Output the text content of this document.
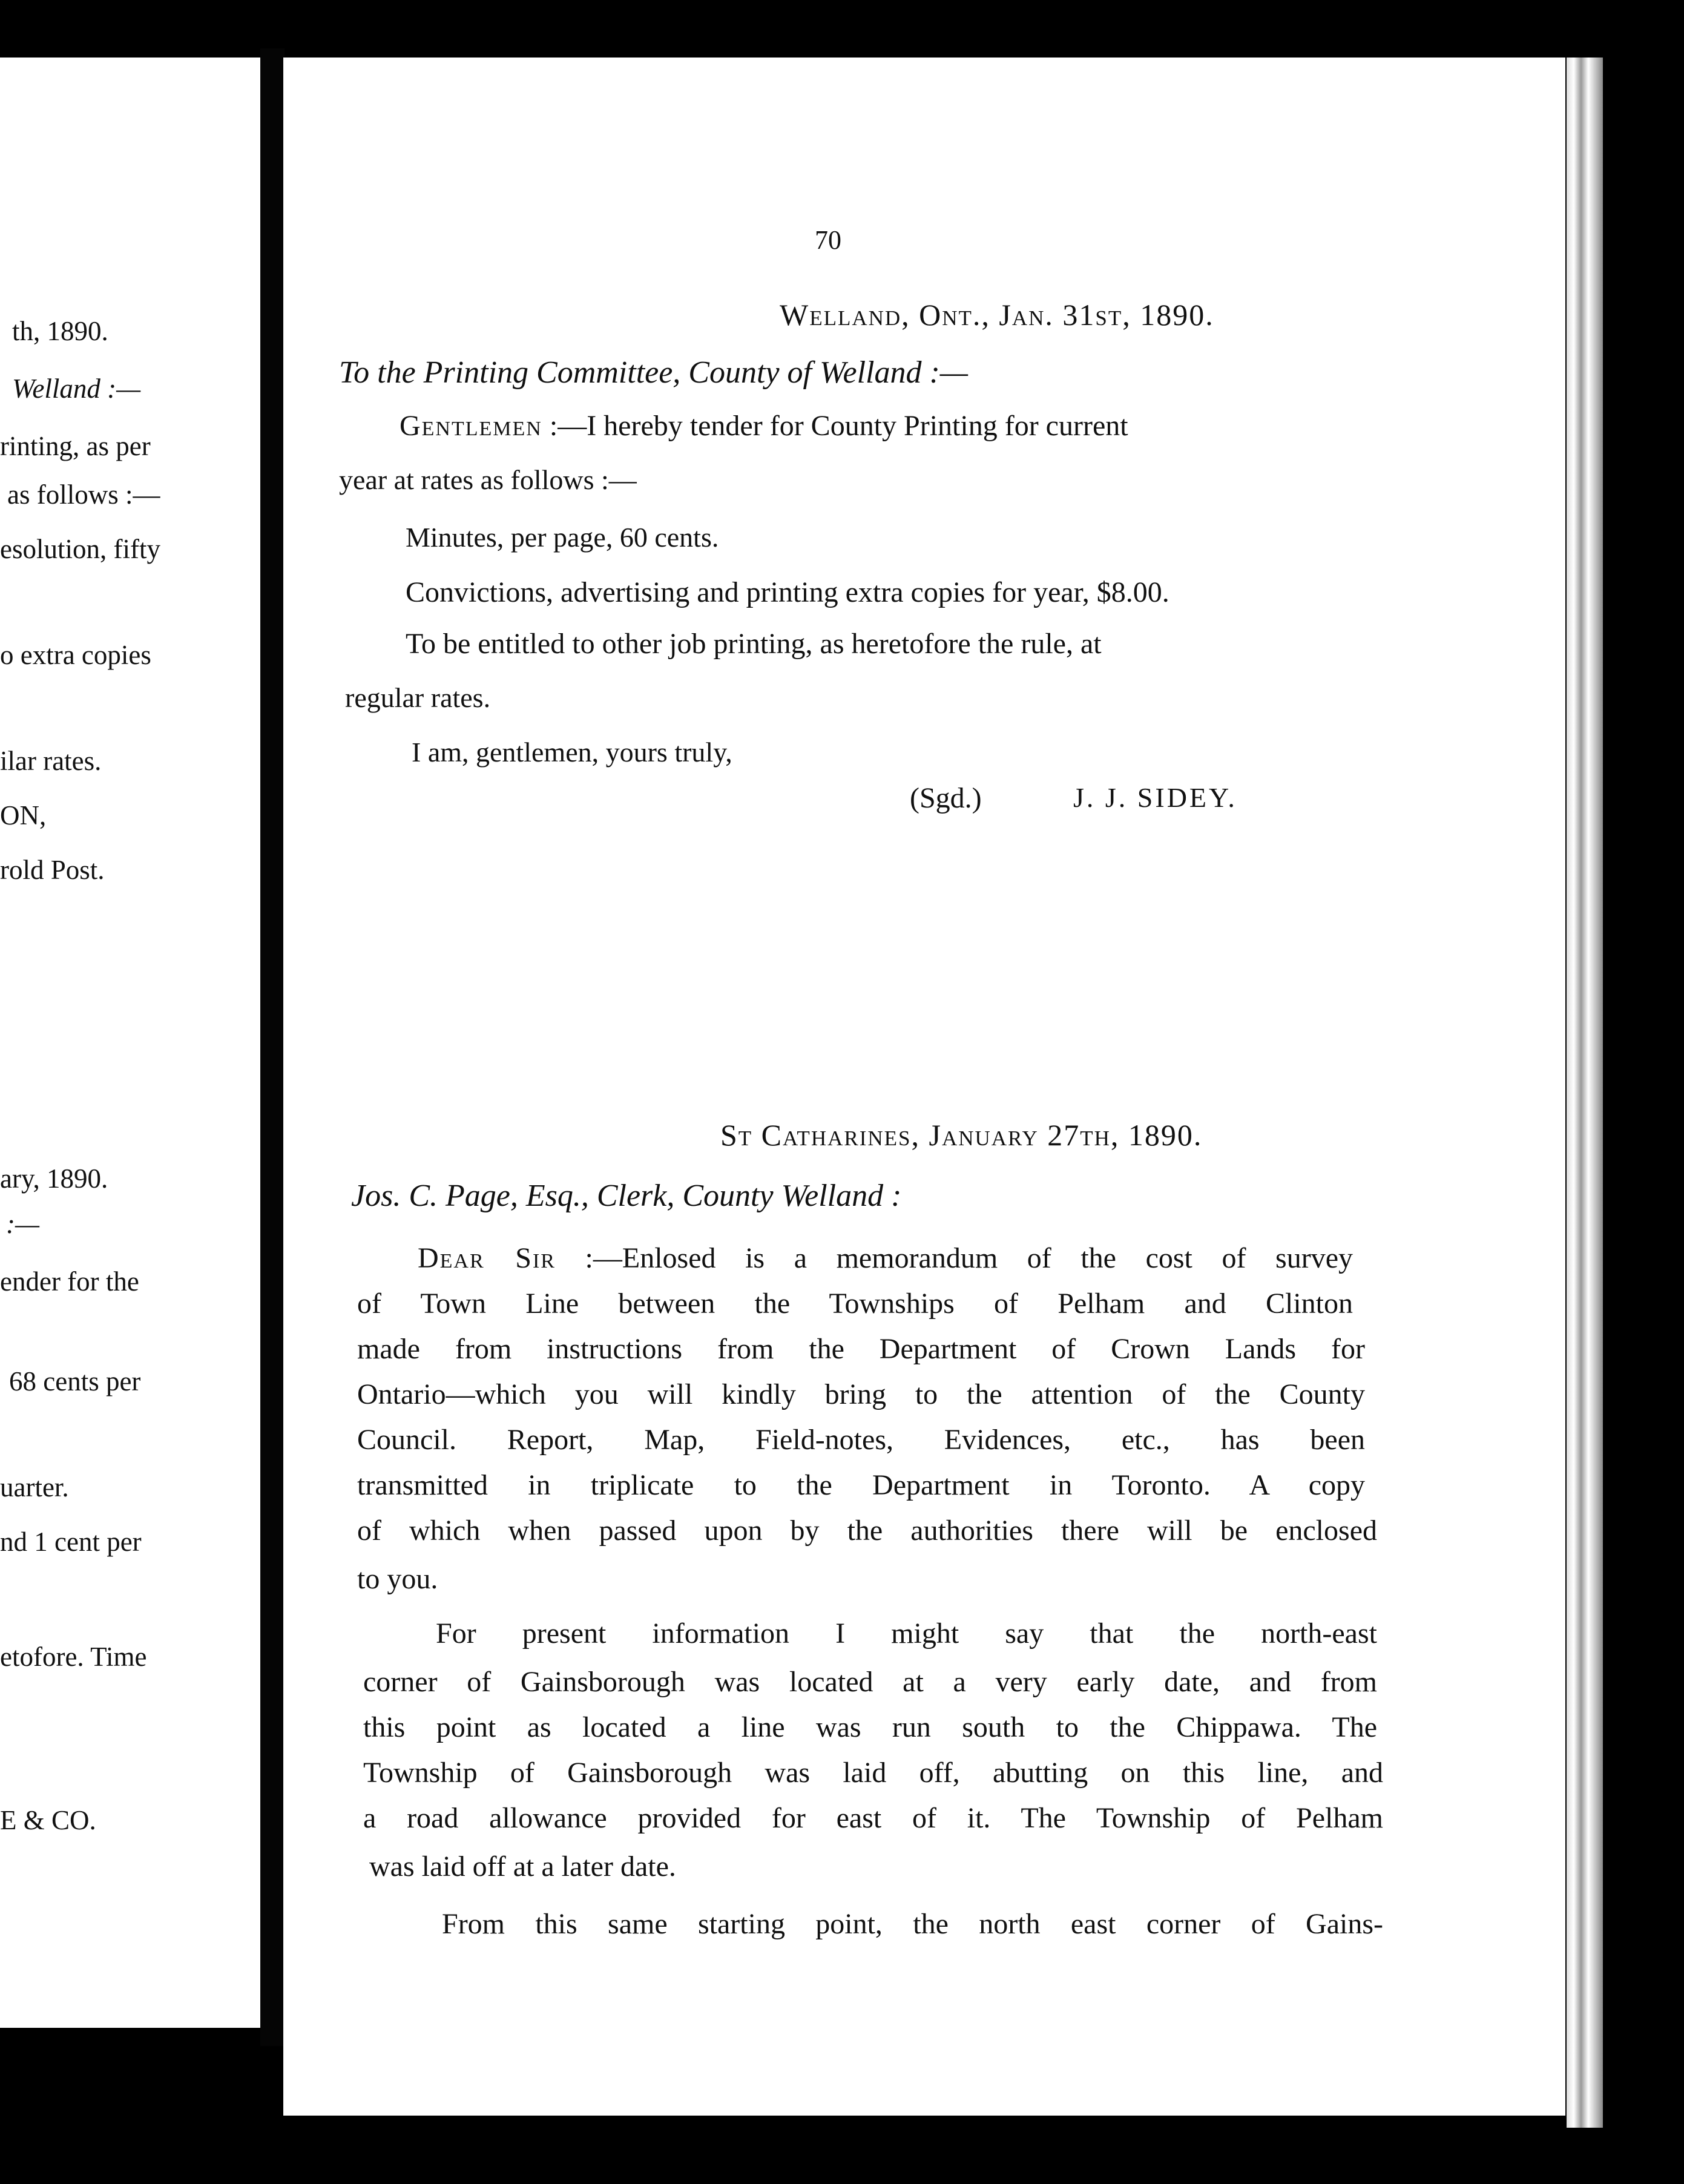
th, 1890.
Welland :—
rinting, as per
as follows :—
esolution, fifty
o extra copies
ilar rates.
ON,
rold Post.
ary, 1890.
:—
ender for the
68 cents per
uarter.
nd 1 cent per
etofore. Time
E & CO.
70
Welland, Ont., Jan. 31st, 1890.
To the Printing Committee, County of Welland :—
Gentlemen :—I hereby tender for County Printing for current
year at rates as follows :—
Minutes, per page, 60 cents.
Convictions, advertising and printing extra copies for year, $8.00.
To be entitled to other job printing, as heretofore the rule, at
regular rates.
I am, gentlemen, yours truly,
(Sgd.)	J. J. SIDEY.
St Catharines, January 27th, 1890.
Jos. C. Page, Esq., Clerk, County Welland :
Dear Sir :—Enlosed is a memorandum of the cost of survey
of Town Line between the Townships of Pelham and Clinton
made from instructions from the Department of Crown Lands for
Ontario—which you will kindly bring to the attention of the County
Council. Report, Map, Field-notes, Evidences, etc., has been
transmitted in triplicate to the Department in Toronto. A copy
of which when passed upon by the authorities there will be enclosed
to you.
For present information I might say that the north-east
corner of Gainsborough was located at a very early date, and from
this point as located a line was run south to the Chippawa. The
Township of Gainsborough was laid off, abutting on this line, and
a road allowance provided for east of it. The Township of Pelham
was laid off at a later date.
From this same starting point, the north east corner of Gains-
